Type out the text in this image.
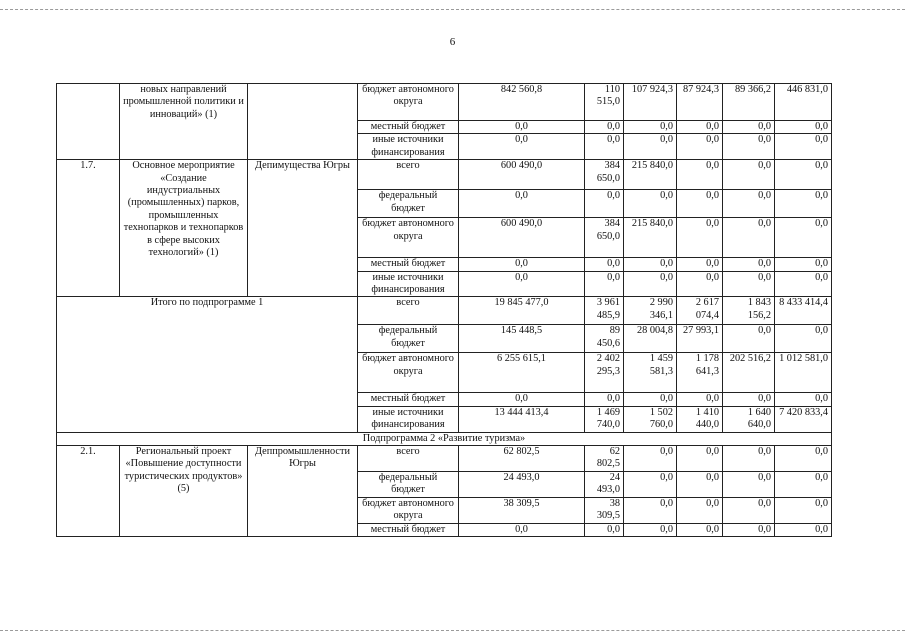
6
	новых направлений промышленной политики и инноваций» (1)		бюджет автономного округа	842 560,8	110 515,0	107 924,3	87 924,3	89 366,2	446 831,0
			местный бюджет	0,0	0,0	0,0	0,0	0,0	0,0
			иные источники финансирования	0,0	0,0	0,0	0,0	0,0	0,0
1.7.	Основное мероприятие «Создание индустриальных (промышленных) парков, промышленных технопарков и технопарков в сфере высоких технологий» (1)	Депимущества Югры	всего	600 490,0	384 650,0	215 840,0	0,0	0,0	0,0
			федеральный бюджет	0,0	0,0	0,0	0,0	0,0	0,0
			бюджет автономного округа	600 490,0	384 650,0	215 840,0	0,0	0,0	0,0
			местный бюджет	0,0	0,0	0,0	0,0	0,0	0,0
			иные источники финансирования	0,0	0,0	0,0	0,0	0,0	0,0
Итого по подпрограмме 1			всего	19 845 477,0	3 961 485,9	2 990 346,1	2 617 074,4	1 843 156,2	8 433 414,4
			федеральный бюджет	145 448,5	89 450,6	28 004,8	27 993,1	0,0	0,0
			бюджет автономного округа	6 255 615,1	2 402 295,3	1 459 581,3	1 178 641,3	202 516,2	1 012 581,0
			местный бюджет	0,0	0,0	0,0	0,0	0,0	0,0
			иные источники финансирования	13 444 413,4	1 469 740,0	1 502 760,0	1 410 440,0	1 640 640,0	7 420 833,4
Подпрограмма 2 «Развитие туризма»									
2.1.	Региональный проект «Повышение доступности туристических продуктов» (5)	Деппромышленности Югры	всего	62 802,5	62 802,5	0,0	0,0	0,0	0,0
			федеральный бюджет	24 493,0	24 493,0	0,0	0,0	0,0	0,0
			бюджет автономного округа	38 309,5	38 309,5	0,0	0,0	0,0	0,0
			местный бюджет	0,0	0,0	0,0	0,0	0,0	0,0
